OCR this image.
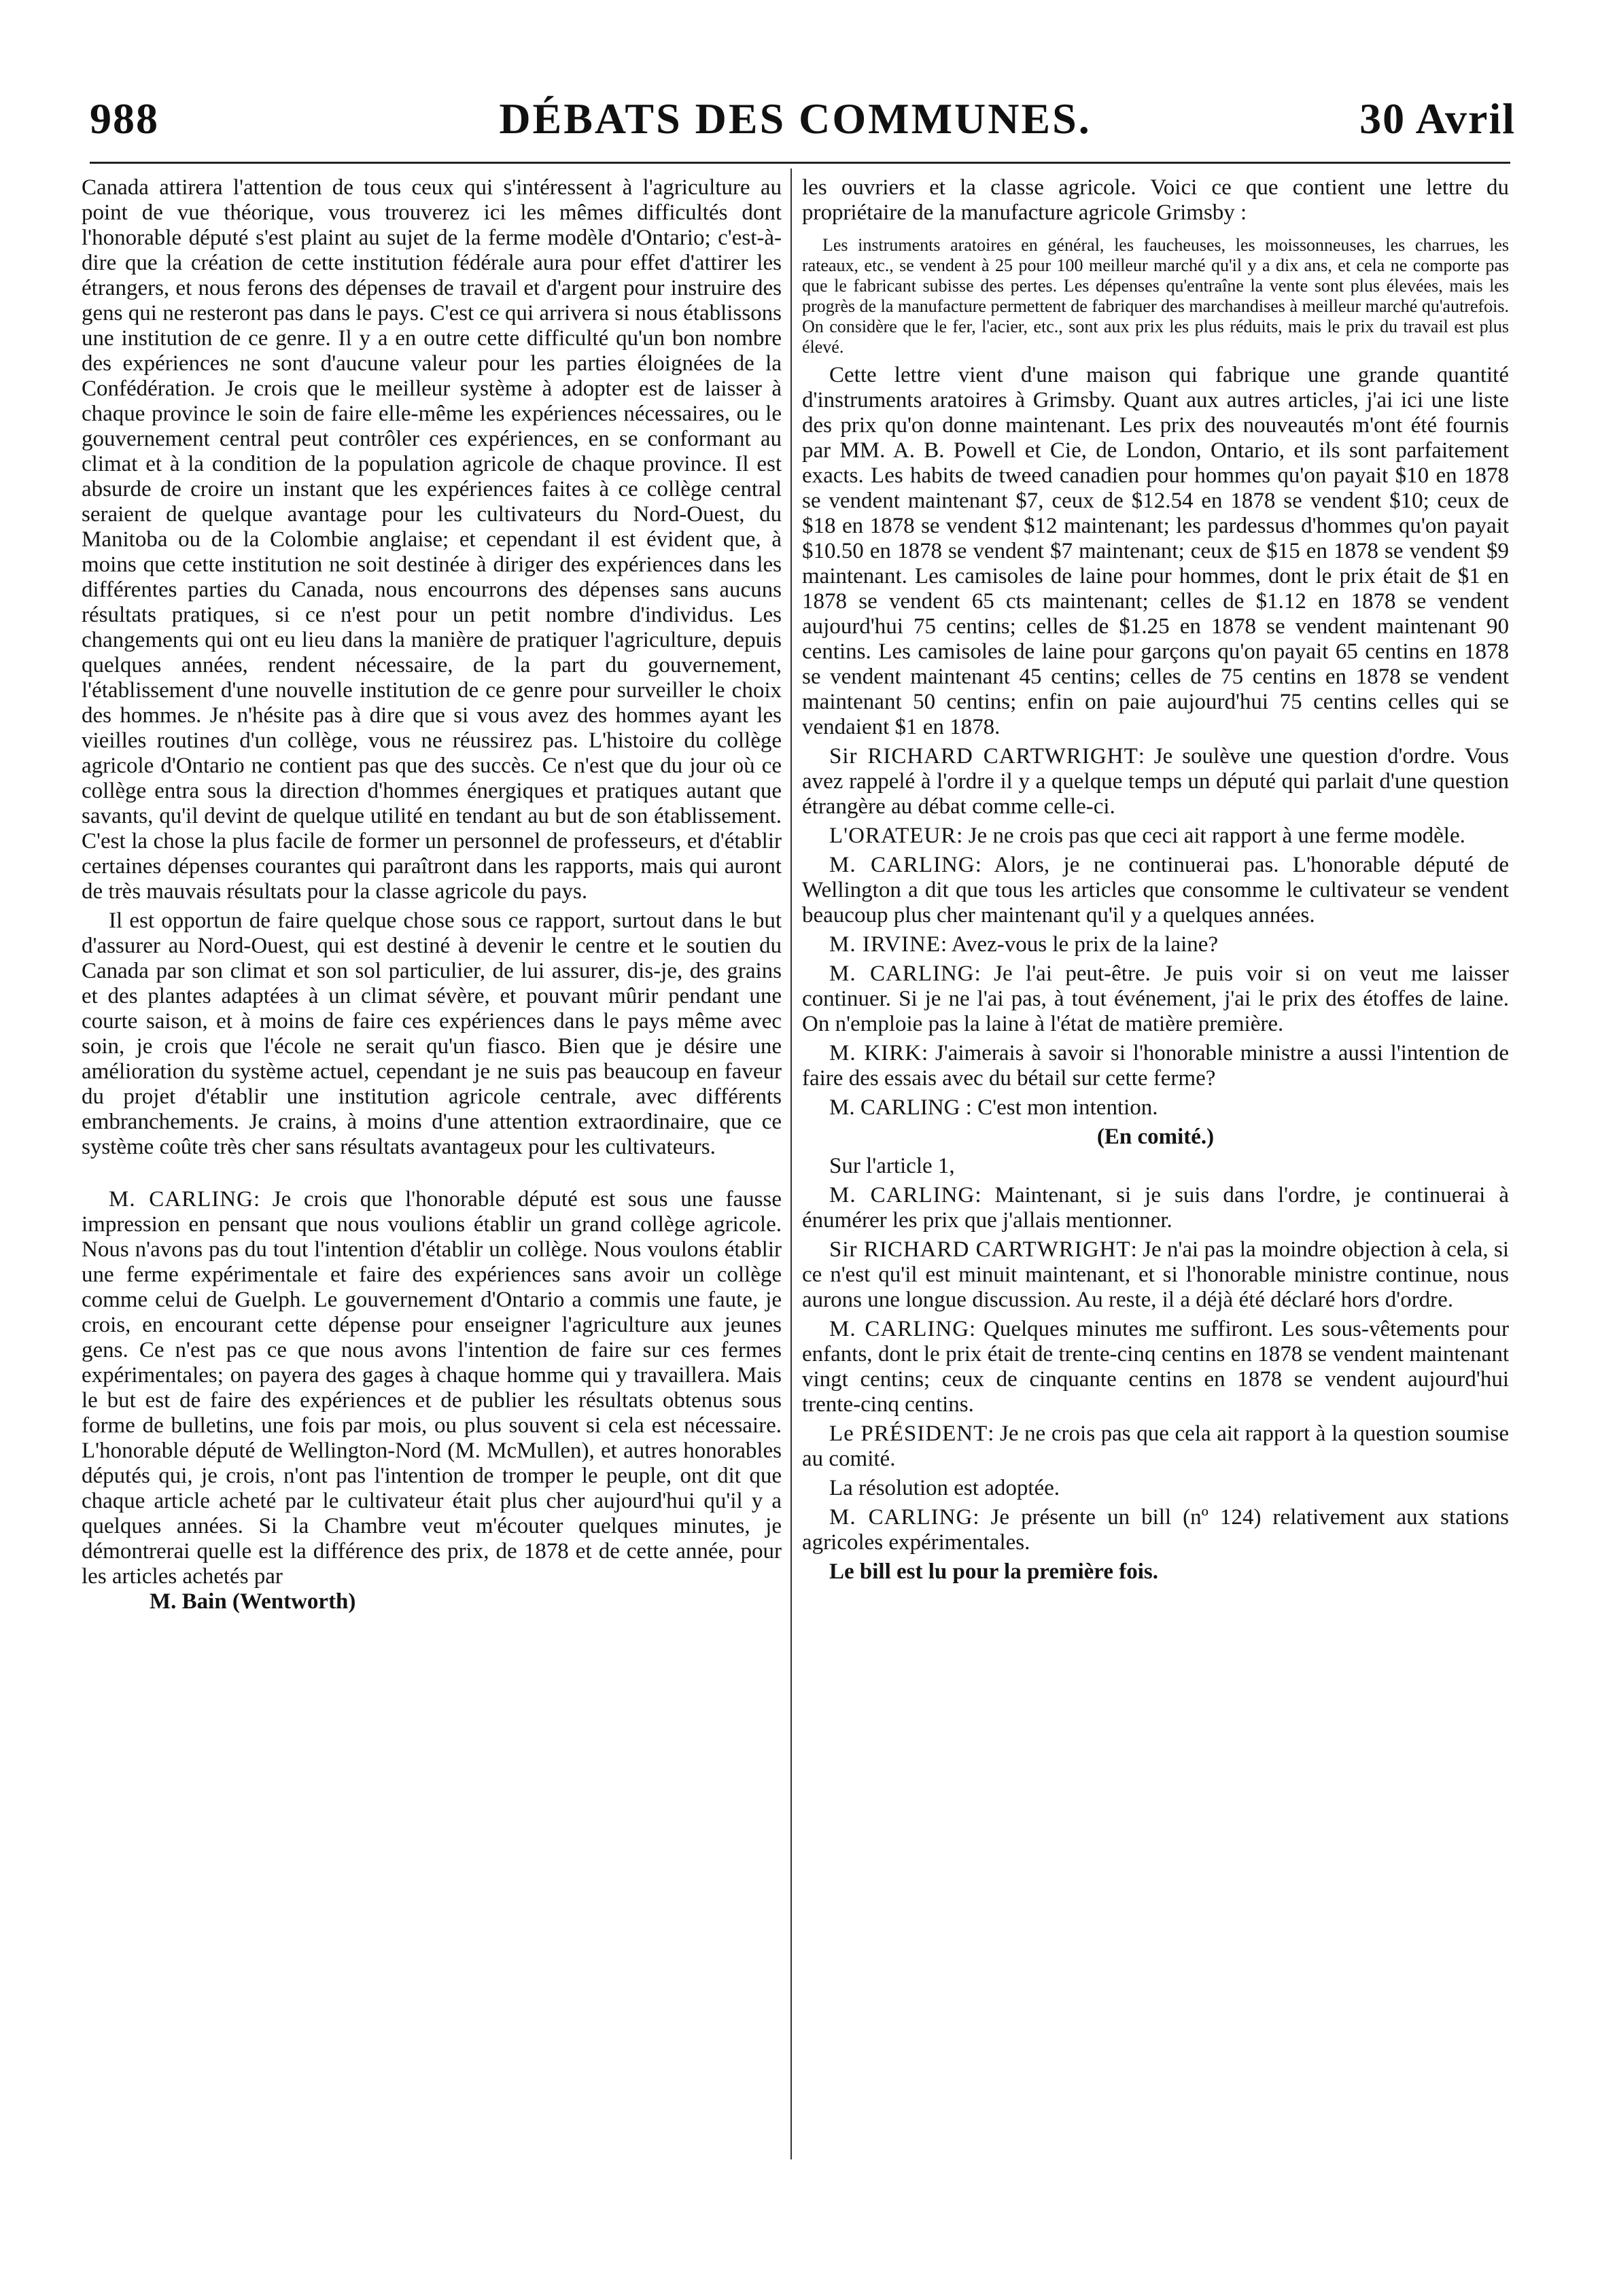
988	DÉBATS DES COMMUNES.	30 Avril

Canada attirera l'attention de tous ceux qui s'intéressent à l'agriculture au point de vue théorique, vous trouverez ici les mêmes difficultés dont l'honorable député s'est plaint au sujet de la ferme modèle d'Ontario; c'est-à-dire que la création de cette institution fédérale aura pour effet d'attirer les étrangers, et nous ferons des dépenses de travail et d'argent pour instruire des gens qui ne resteront pas dans le pays. C'est ce qui arrivera si nous établissons une institution de ce genre. Il y a en outre cette difficulté qu'un bon nombre des expériences ne sont d'aucune valeur pour les parties éloignées de la Confédération. Je crois que le meilleur système à adopter est de laisser à chaque province le soin de faire elle-même les expériences nécessaires, ou le gouvernement central peut contrôler ces expériences, en se conformant au climat et à la condition de la population agricole de chaque province. Il est absurde de croire un instant que les expériences faites à ce collège central seraient de quelque avantage pour les cultivateurs du Nord-Ouest, du Manitoba ou de la Colombie anglaise; et cependant il est évident que, à moins que cette institution ne soit destinée à diriger des expériences dans les différentes parties du Canada, nous encourrons des dépenses sans aucuns résultats pratiques, si ce n'est pour un petit nombre d'individus. Les changements qui ont eu lieu dans la manière de pratiquer l'agriculture, depuis quelques années, rendent nécessaire, de la part du gouvernement, l'établissement d'une nouvelle institution de ce genre pour surveiller le choix des hommes. Je n'hésite pas à dire que si vous avez des hommes ayant les vieilles routines d'un collège, vous ne réussirez pas. L'histoire du collège agricole d'Ontario ne contient pas que des succès. Ce n'est que du jour où ce collège entra sous la direction d'hommes énergiques et pratiques autant que savants, qu'il devint de quelque utilité en tendant au but de son établissement. C'est la chose la plus facile de former un personnel de professeurs, et d'établir certaines dépenses courantes qui paraîtront dans les rapports, mais qui auront de très mauvais résultats pour la classe agricole du pays.

Il est opportun de faire quelque chose sous ce rapport, surtout dans le but d'assurer au Nord-Ouest, qui est destiné à devenir le centre et le soutien du Canada par son climat et son sol particulier, de lui assurer, dis-je, des grains et des plantes adaptées à un climat sévère, et pouvant mûrir pendant une courte saison, et à moins de faire ces expériences dans le pays même avec soin, je crois que l'école ne serait qu'un fiasco. Bien que je désire une amélioration du système actuel, cependant je ne suis pas beaucoup en faveur du projet d'établir une institution agricole centrale, avec différents embranchements. Je crains, à moins d'une attention extraordinaire, que ce système coûte très cher sans résultats avantageux pour les cultivateurs.

M. CARLING: Je crois que l'honorable député est sous une fausse impression en pensant que nous voulions établir un grand collège agricole. Nous n'avons pas du tout l'intention d'établir un collège. Nous voulons établir une ferme expérimentale et faire des expériences sans avoir un collège comme celui de Guelph. Le gouvernement d'Ontario a commis une faute, je crois, en encourant cette dépense pour enseigner l'agriculture aux jeunes gens. Ce n'est pas ce que nous avons l'intention de faire sur ces fermes expérimentales; on payera des gages à chaque homme qui y travaillera. Mais le but est de faire des expériences et de publier les résultats obtenus sous forme de bulletins, une fois par mois, ou plus souvent si cela est nécessaire. L'honorable député de Wellington-Nord (M. McMullen), et autres honorables députés qui, je crois, n'ont pas l'intention de tromper le peuple, ont dit que chaque article acheté par le cultivateur était plus cher aujourd'hui qu'il y a quelques années. Si la Chambre veut m'écouter quelques minutes, je démontrerai quelle est la différence des prix, de 1878 et de cette année, pour les articles achetés par

M. Bain (Wentworth)

les ouvriers et la classe agricole. Voici ce que contient une lettre du propriétaire de la manufacture agricole Grimsby :

Les instruments aratoires en général, les faucheuses, les moissonneuses, les charrues, les rateaux, etc., se vendent à 25 pour 100 meilleur marché qu'il y a dix ans, et cela ne comporte pas que le fabricant subisse des pertes. Les dépenses qu'entraîne la vente sont plus élevées, mais les progrès de la manufacture permettent de fabriquer des marchandises à meilleur marché qu'autrefois. On considère que le fer, l'acier, etc., sont aux prix les plus réduits, mais le prix du travail est plus élevé.

Cette lettre vient d'une maison qui fabrique une grande quantité d'instruments aratoires à Grimsby. Quant aux autres articles, j'ai ici une liste des prix qu'on donne maintenant. Les prix des nouveautés m'ont été fournis par MM. A. B. Powell et Cie, de London, Ontario, et ils sont parfaitement exacts. Les habits de tweed canadien pour hommes qu'on payait $10 en 1878 se vendent maintenant $7, ceux de $12.54 en 1878 se vendent $10; ceux de $18 en 1878 se vendent $12 maintenant; les pardessus d'hommes qu'on payait $10.50 en 1878 se vendent $7 maintenant; ceux de $15 en 1878 se vendent $9 maintenant. Les camisoles de laine pour hommes, dont le prix était de $1 en 1878 se vendent 65 cts maintenant; celles de $1.12 en 1878 se vendent aujourd'hui 75 centins; celles de $1.25 en 1878 se vendent maintenant 90 centins. Les camisoles de laine pour garçons qu'on payait 65 centins en 1878 se vendent maintenant 45 centins; celles de 75 centins en 1878 se vendent maintenant 50 centins; enfin on paie aujourd'hui 75 centins celles qui se vendaient $1 en 1878.

Sir RICHARD CARTWRIGHT: Je soulève une question d'ordre. Vous avez rappelé à l'ordre il y a quelque temps un député qui parlait d'une question étrangère au débat comme celle-ci.

L'ORATEUR: Je ne crois pas que ceci ait rapport à une ferme modèle.

M. CARLING: Alors, je ne continuerai pas. L'honorable député de Wellington a dit que tous les articles que consomme le cultivateur se vendent beaucoup plus cher maintenant qu'il y a quelques années.

M. IRVINE: Avez-vous le prix de la laine?

M. CARLING: Je l'ai peut-être. Je puis voir si on veut me laisser continuer. Si je ne l'ai pas, à tout événement, j'ai le prix des étoffes de laine. On n'emploie pas la laine à l'état de matière première.

M. KIRK: J'aimerais à savoir si l'honorable ministre a aussi l'intention de faire des essais avec du bétail sur cette ferme?

M. CARLING : C'est mon intention.

(En comité.)

Sur l'article 1,

M. CARLING: Maintenant, si je suis dans l'ordre, je continuerai à énumérer les prix que j'allais mentionner.

Sir RICHARD CARTWRIGHT: Je n'ai pas la moindre objection à cela, si ce n'est qu'il est minuit maintenant, et si l'honorable ministre continue, nous aurons une longue discussion. Au reste, il a déjà été déclaré hors d'ordre.

M. CARLING: Quelques minutes me suffiront. Les sous-vêtements pour enfants, dont le prix était de trente-cinq centins en 1878 se vendent maintenant vingt centins; ceux de cinquante centins en 1878 se vendent aujourd'hui trente-cinq centins.

Le PRÉSIDENT: Je ne crois pas que cela ait rapport à la question soumise au comité.

La résolution est adoptée.

M. CARLING: Je présente un bill (nº 124) relativement aux stations agricoles expérimentales.

Le bill est lu pour la première fois.
